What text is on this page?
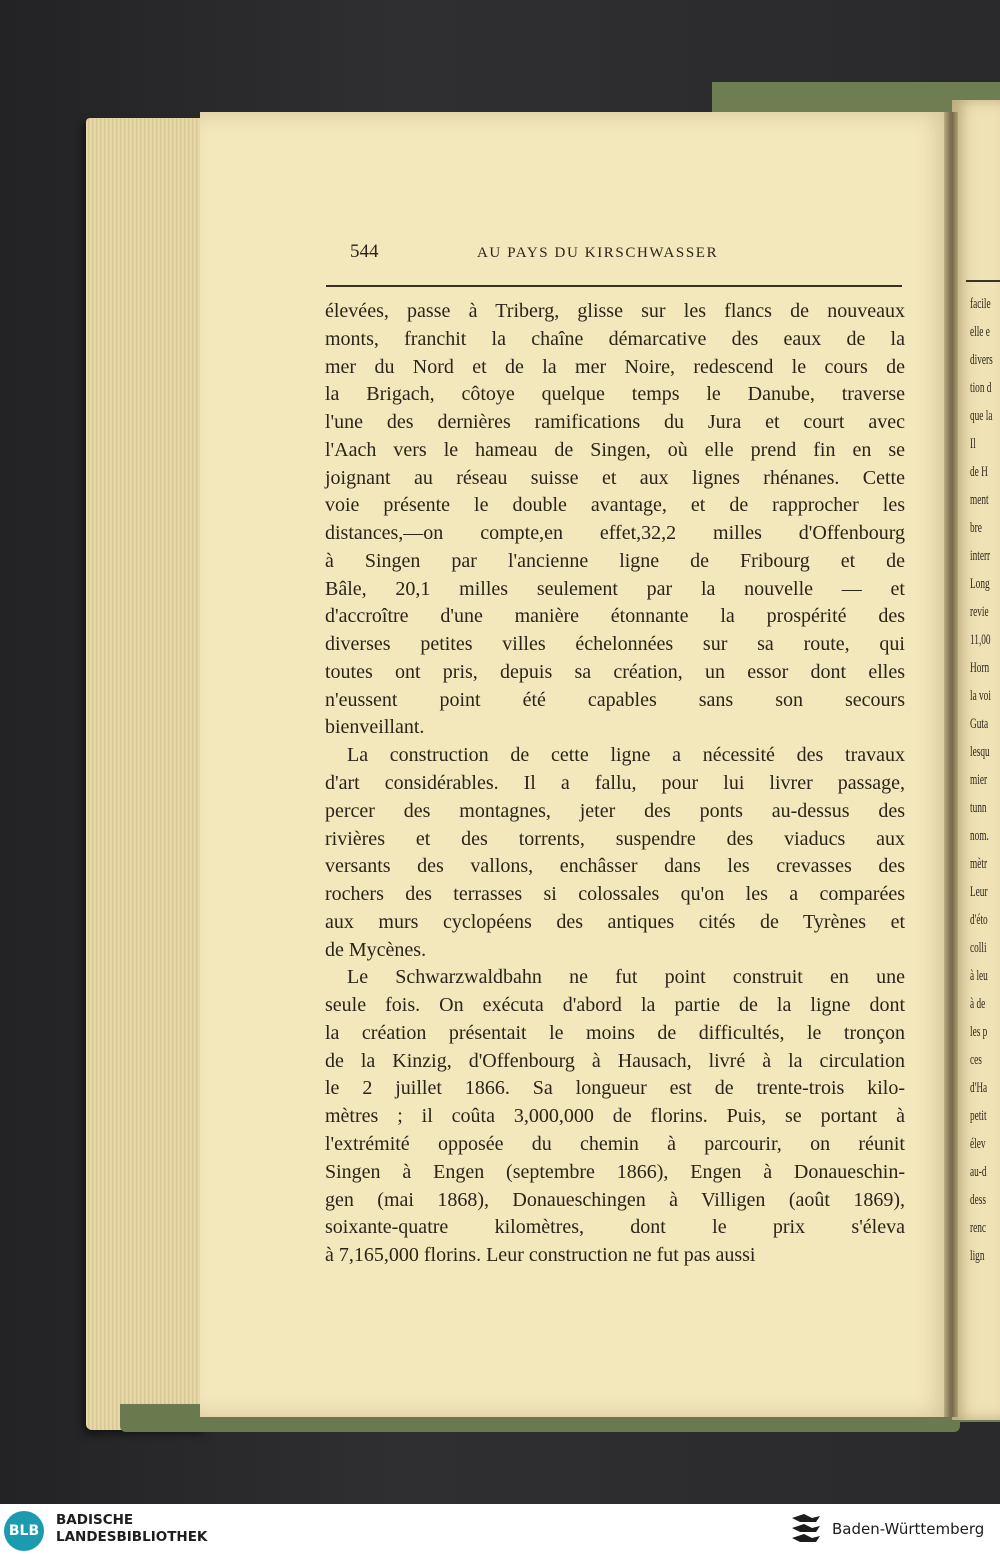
facile
elle e
divers
tion d
que la
Il
de H
ment
bre
interr
Long
revie
11,00
Horn
la voi
Guta
lesqu
mier
tunn
nom.
mètr
Leur
d'éto
colli
à leu
à de
les p
ces
d'Ha
petit
élev
au-d
dess
renc
lign
544	AU PAYS DU KIRSCHWASSER
élevées, passe à Triberg, glisse sur les flancs de nouveaux
monts, franchit la chaîne démarcative des eaux de la
mer du Nord et de la mer Noire, redescend le cours de
la Brigach, côtoye quelque temps le Danube, traverse
l'une des dernières ramifications du Jura et court avec
l'Aach vers le hameau de Singen, où elle prend fin en se
joignant au réseau suisse et aux lignes rhénanes. Cette
voie présente le double avantage, et de rapprocher les
distances,—on compte,en effet,32,2 milles d'Offenbourg
à Singen par l'ancienne ligne de Fribourg et de
Bâle, 20,1 milles seulement par la nouvelle — et
d'accroître d'une manière étonnante la prospérité des
diverses petites villes échelonnées sur sa route, qui
toutes ont pris, depuis sa création, un essor dont elles
n'eussent point été capables sans son secours
bienveillant.
La construction de cette ligne a nécessité des travaux
d'art considérables. Il a fallu, pour lui livrer passage,
percer des montagnes, jeter des ponts au-dessus des
rivières et des torrents, suspendre des viaducs aux
versants des vallons, enchâsser dans les crevasses des
rochers des terrasses si colossales qu'on les a comparées
aux murs cyclopéens des antiques cités de Tyrènes et
de Mycènes.
Le Schwarzwaldbahn ne fut point construit en une
seule fois. On exécuta d'abord la partie de la ligne dont
la création présentait le moins de difficultés, le tronçon
de la Kinzig, d'Offenbourg à Hausach, livré à la circulation
le 2 juillet 1866. Sa longueur est de trente-trois kilo-
mètres ; il coûta 3,000,000 de florins. Puis, se portant à
l'extrémité opposée du chemin à parcourir, on réunit
Singen à Engen (septembre 1866), Engen à Donaueschin-
gen (mai 1868), Donaueschingen à Villigen (août 1869),
soixante-quatre kilomètres, dont le prix s'éleva
à 7,165,000 florins. Leur construction ne fut pas aussi
BLB
BADISCHE
LANDESBIBLIOTHEK	Baden-Württemberg
